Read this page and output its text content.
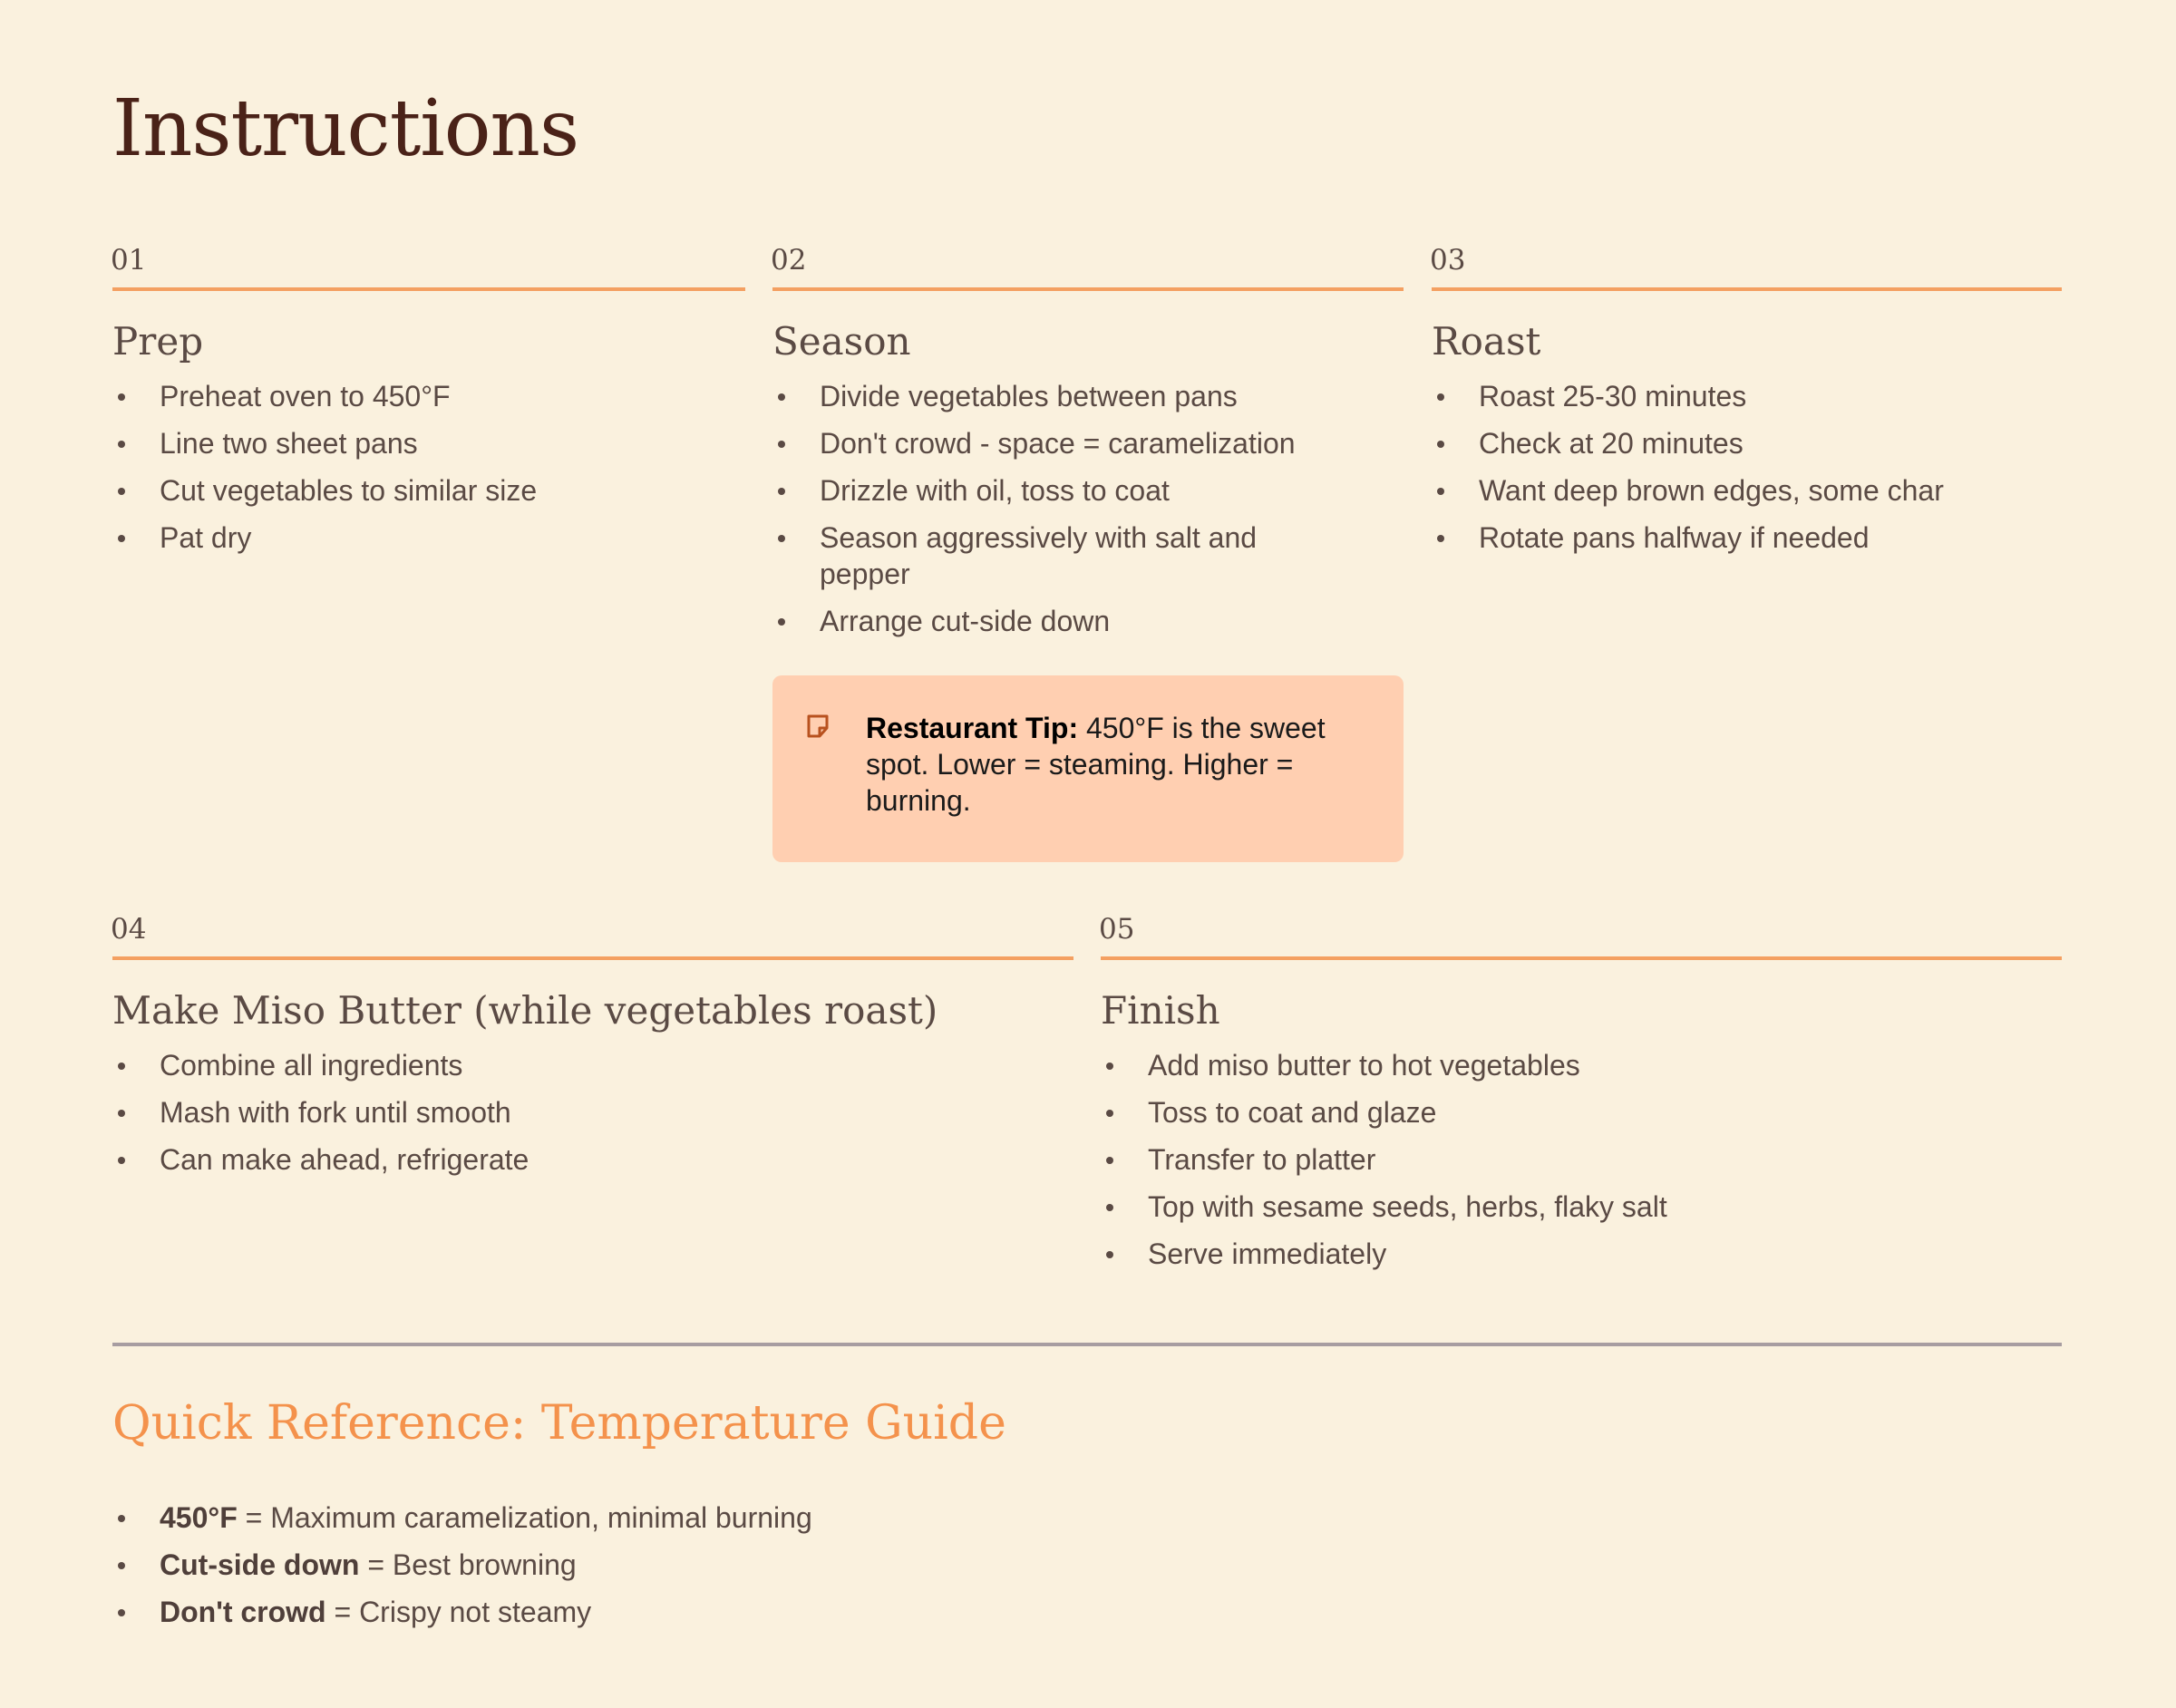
Instructions
01
Prep
Preheat oven to 450°F
Line two sheet pans
Cut vegetables to similar size
Pat dry
02
Season
Divide vegetables between pans
Don't crowd - space = caramelization
Drizzle with oil, toss to coat
Season aggressively with salt and pepper
Arrange cut-side down
03
Roast
Roast 25-30 minutes
Check at 20 minutes
Want deep brown edges, some char
Rotate pans halfway if needed
Restaurant Tip: 450°F is the sweet spot. Lower = steaming. Higher = burning.
04
Make Miso Butter (while vegetables roast)
Combine all ingredients
Mash with fork until smooth
Can make ahead, refrigerate
05
Finish
Add miso butter to hot vegetables
Toss to coat and glaze
Transfer to platter
Top with sesame seeds, herbs, flaky salt
Serve immediately
Quick Reference: Temperature Guide
450°F = Maximum caramelization, minimal burning
Cut-side down = Best browning
Don't crowd = Crispy not steamy
